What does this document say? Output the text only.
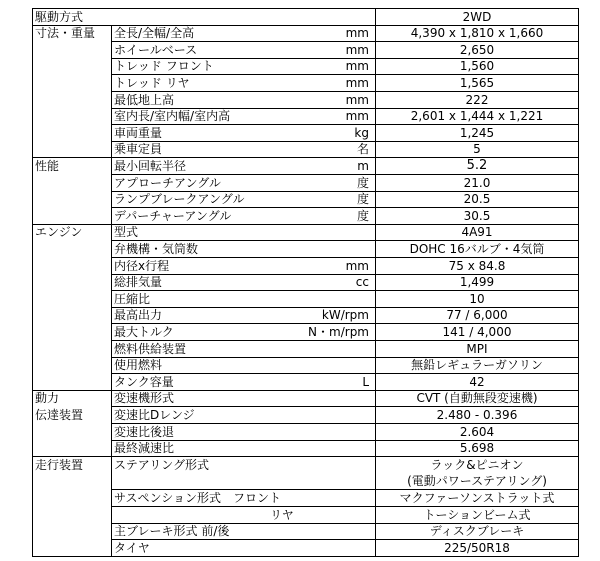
駆動方式	2WD
寸法・重量 全長/全幅/全高	mm	4,390 x 1,810 x 1,660
ホイールベース	mm	2,650
トレッド フロント	mm	1,560
トレッド リヤ	mm	1,565
最低地上高	mm	222
室内長/室内幅/室内高	mm	2,601 x 1,444 x 1,221
車両重量	kg	1,245
乗車定員	名	5
性能	最小回転半径	m	5.2
アプローチアングル	度	21.0
ランプブレークアングル	度	20.5
デパーチャーアングル	度	30.5
エンジン	型式	4A91
弁機構・気筒数	DOHC 16バルブ・4気筒
内径x行程	mm	75 x 84.8
総排気量	cc	1,499
圧縮比	10
最高出力	kW/rpm	77 / 6,000
最大トルク	N・m/rpm	141 / 4,000
燃料供給装置	MPI
使用燃料	無鉛レギュラーガソリン
タンク容量	L	42
動力
伝達装置
変速機形式	CVT (自動無段変速機)
変速比Dレンジ	2.480 - 0.396
変速比後退	2.604
最終減速比	5.698
走行装置	ステアリング形式	ラック&ピニオン
(電動パワーステアリング)
サスペンション形式　フロント	マクファーソンストラット式
　　　　　　　　　　　　　リヤ	トーションビーム式
主ブレーキ形式 前/後	ディスクブレーキ
タイヤ	225/50R18
